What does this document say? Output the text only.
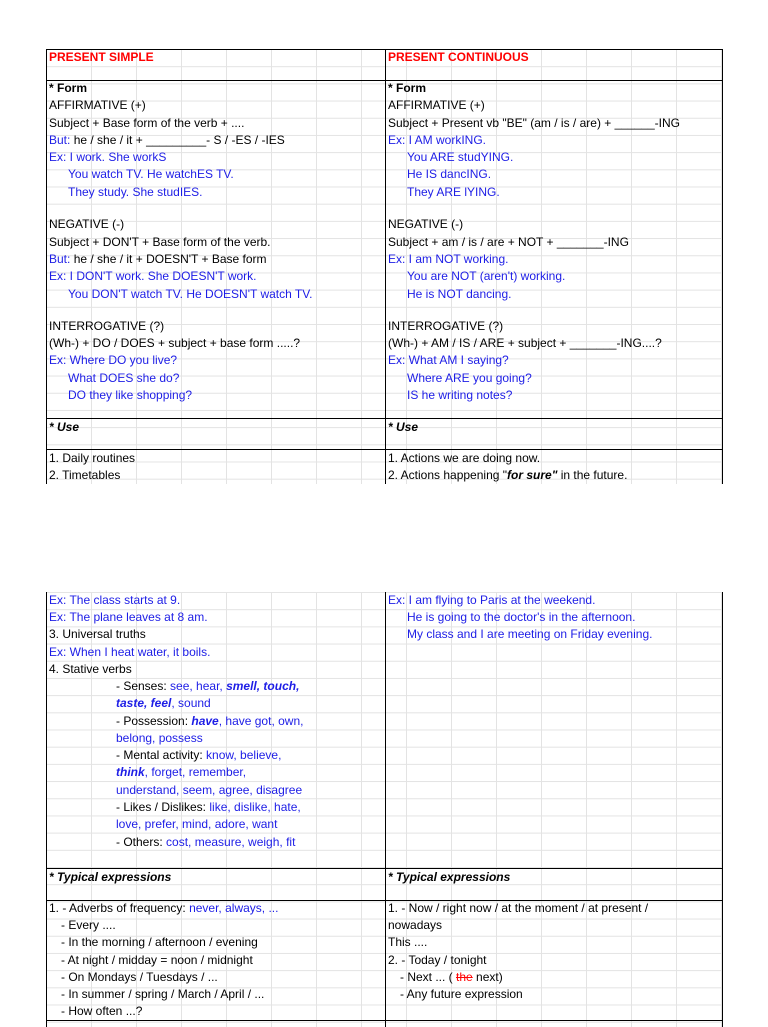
PRESENT SIMPLE
* Form
AFFIRMATIVE (+)
Subject + Base form of the verb + ....
But: he / she / it + _________- S / -ES / -IES
Ex: I work. She workS
You watch TV. He watchES TV.
They study. She studIES.
NEGATIVE (-)
Subject + DON'T + Base form of the verb.
But: he / she / it + DOESN'T + Base form
Ex: I DON'T work. She DOESN'T work.
You DON'T watch TV. He DOESN'T watch TV.
INTERROGATIVE (?)
(Wh-) + DO / DOES + subject + base form .....?
Ex: Where DO you live?
What DOES she do?
DO they like shopping?
* Use
1. Daily routines
2. Timetables
PRESENT CONTINUOUS
* Form
AFFIRMATIVE (+)
Subject + Present vb "BE" (am / is / are) + ______-ING
Ex: I AM workING.
You ARE studYING.
He IS dancING.
They ARE lYING.
NEGATIVE (-)
Subject + am / is / are + NOT + _______-ING
Ex: I am NOT working.
You are NOT (aren't) working.
He is NOT dancing.
INTERROGATIVE (?)
(Wh-) + AM / IS / ARE + subject + _______-ING....?
Ex: What AM I saying?
Where ARE you going?
IS he writing notes?
* Use
1. Actions we are doing now.
2. Actions happening "for sure" in the future.
Ex: The class starts at 9.
Ex: The plane leaves at 8 am.
3. Universal truths
Ex: When I heat water, it boils.
4. Stative verbs
- Senses: see, hear, smell, touch,
taste, feel, sound
- Possession: have, have got, own,
belong, possess
- Mental activity: know, believe,
think, forget, remember,
understand, seem, agree, disagree
- Likes / Dislikes: like, dislike, hate,
love, prefer, mind, adore, want
- Others: cost, measure, weigh, fit
* Typical expressions
1. - Adverbs of frequency: never, always, ...
- Every ....
- In the morning / afternoon / evening
- At night / midday = noon / midnight
- On Mondays / Tuesdays / ...
- In summer / spring / March / April / ...
- How often ...?
Ex: I am flying to Paris at the weekend.
He is going to the doctor's in the afternoon.
My class and I are meeting on Friday evening.
* Typical expressions
1. - Now / right now / at the moment / at present /
nowadays
This ....
2. - Today / tonight
- Next ... ( the next)
- Any future expression
